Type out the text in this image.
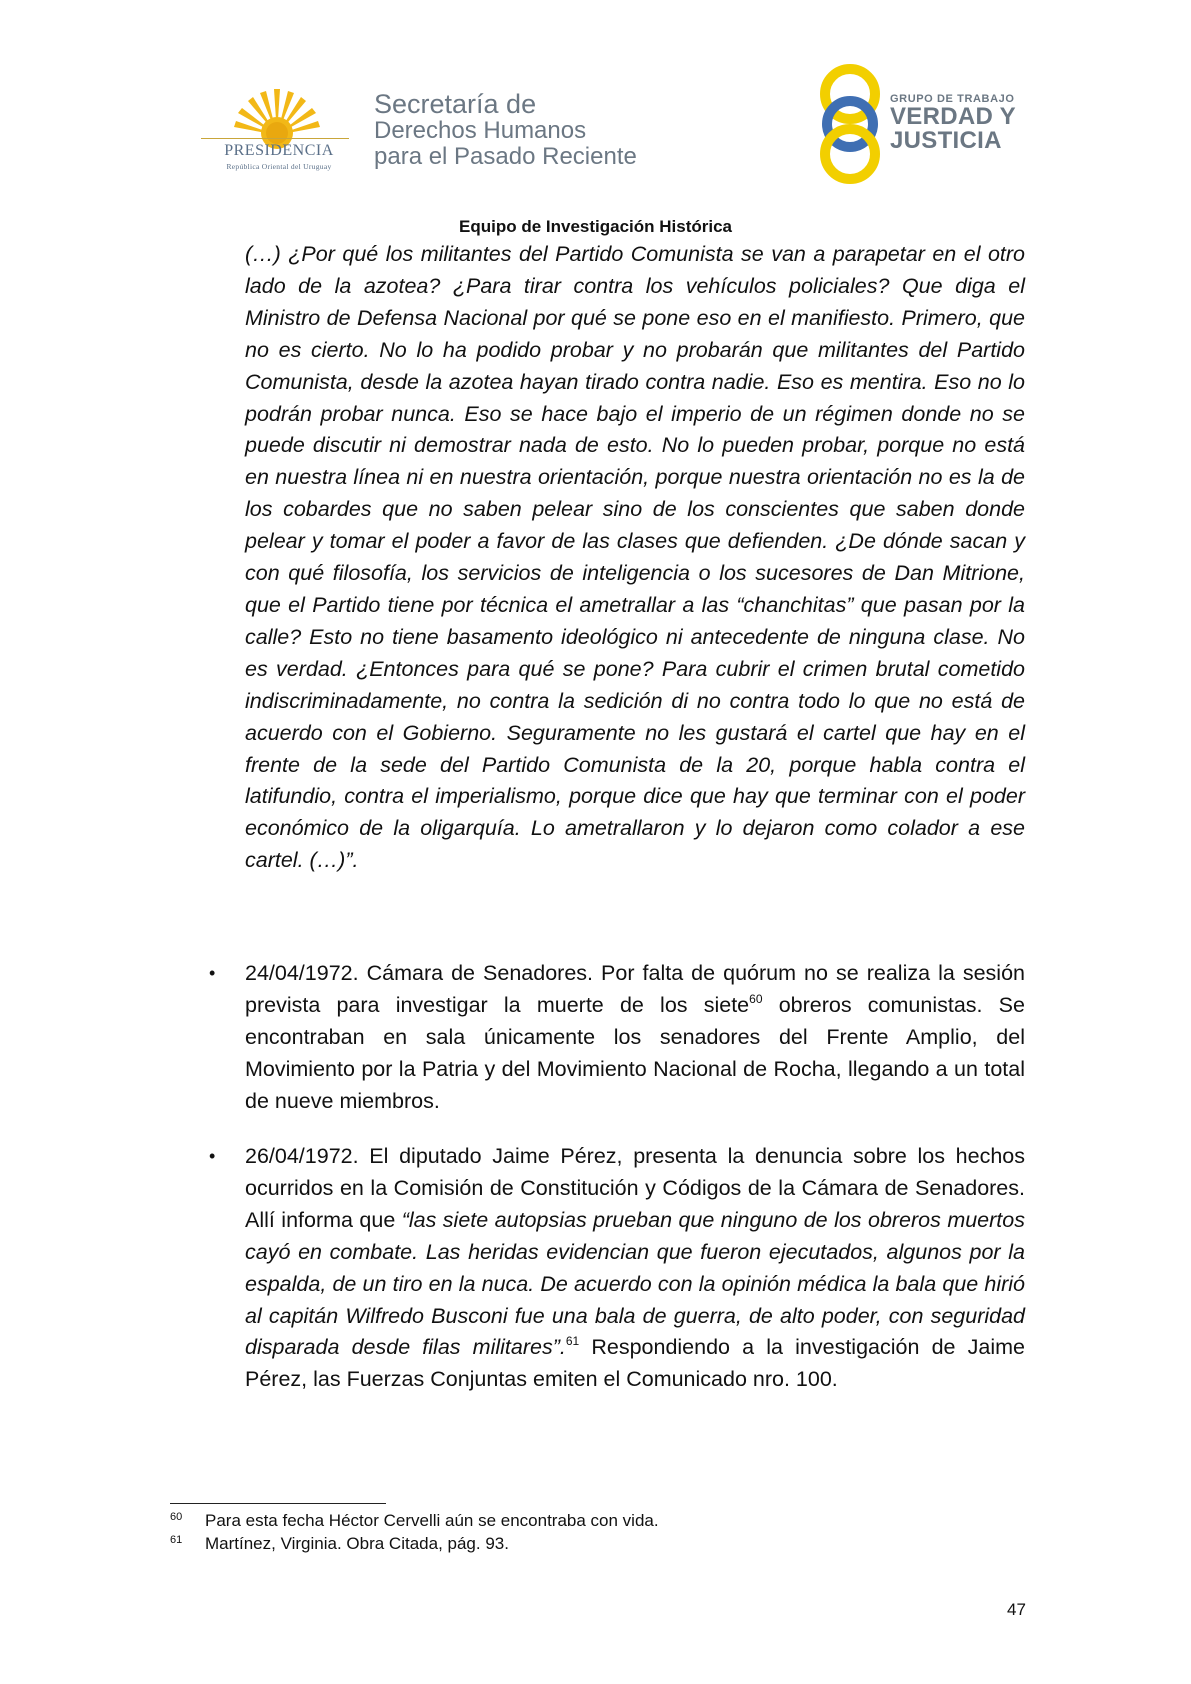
PRESIDENCIA
República Oriental del Uruguay
Secretaría de
Derechos Humanos
para el Pasado Reciente
GRUPO DE TRABAJO
VERDAD Y
JUSTICIA
Equipo de Investigación Histórica

(…) ¿Por qué los militantes del Partido Comunista se van a parapetar en el otro lado de la azotea? ¿Para tirar contra los vehículos policiales? Que diga el Ministro de Defensa Nacional por qué se pone eso en el manifiesto. Primero, que no es cierto. No lo ha podido probar y no probarán que militantes del Partido Comunista, desde la azotea hayan tirado contra nadie. Eso es mentira. Eso no lo podrán probar nunca. Eso se hace bajo el imperio de un régimen donde no se puede discutir ni demostrar nada de esto. No lo pueden probar, porque no está en nuestra línea ni en nuestra orientación, porque nuestra orientación no es la de los cobardes que no saben pelear sino de los conscientes que saben donde pelear y tomar el poder a favor de las clases que defienden. ¿De dónde sacan y con qué filosofía, los servicios de inteligencia o los sucesores de Dan Mitrione, que el Partido tiene por técnica el ametrallar a las “chanchitas” que pasan por la calle? Esto no tiene basamento ideológico ni antecedente de ninguna clase. No es verdad. ¿Entonces para qué se pone? Para cubrir el crimen brutal cometido indiscriminadamente, no contra la sedición di no contra todo lo que no está de acuerdo con el Gobierno. Seguramente no les gustará el cartel que hay en el frente de la sede del Partido Comunista de la 20, porque habla contra el latifundio, contra el imperialismo, porque dice que hay que terminar con el poder económico de la oligarquía. Lo ametrallaron y lo dejaron como colador a ese cartel. (…)”.

• 24/04/1972. Cámara de Senadores. Por falta de quórum no se realiza la sesión prevista para investigar la muerte de los siete$^{60}$ obreros comunistas. Se encontraban en sala únicamente los senadores del Frente Amplio, del Movimiento por la Patria y del Movimiento Nacional de Rocha, llegando a un total de nueve miembros.

• 26/04/1972. El diputado Jaime Pérez, presenta la denuncia sobre los hechos ocurridos en la Comisión de Constitución y Códigos de la Cámara de Senadores. Allí informa que “las siete autopsias prueban que ninguno de los obreros muertos cayó en combate. Las heridas evidencian que fueron ejecutados, algunos por la espalda, de un tiro en la nuca. De acuerdo con la opinión médica la bala que hirió al capitán Wilfredo Busconi fue una bala de guerra, de alto poder, con seguridad disparada desde filas militares”.$^{61}$ Respondiendo a la investigación de Jaime Pérez, las Fuerzas Conjuntas emiten el Comunicado nro. 100.

60 Para esta fecha Héctor Cervelli aún se encontraba con vida.
61 Martínez, Virginia. Obra Citada, pág. 93.
47
